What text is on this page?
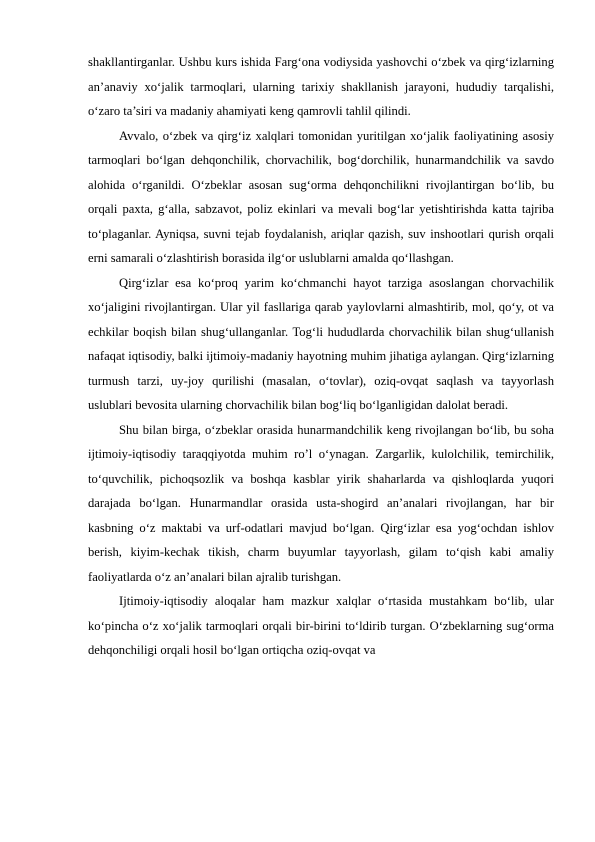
shakllantirganlar. Ushbu kurs ishida Farg‘ona vodiysida yashovchi o‘zbek va qirg‘izlarning an’anaviy xo‘jalik tarmoqlari, ularning tarixiy shakllanish jarayoni, hududiy tarqalishi, o‘zaro ta’siri va madaniy ahamiyati keng qamrovli tahlil qilindi.

Avvalo, o‘zbek va qirg‘iz xalqlari tomonidan yuritilgan xo‘jalik faoliyatining asosiy tarmoqlari bo‘lgan dehqonchilik, chorvachilik, bog‘dorchilik, hunarmandchilik va savdo alohida o‘rganildi. O‘zbeklar asosan sug‘orma dehqonchilikni rivojlantirgan bo‘lib, bu orqali paxta, g‘alla, sabzavot, poliz ekinlari va mevali bog‘lar yetishtirishda katta tajriba to‘plaganlar. Ayniqsa, suvni tejab foydalanish, ariqlar qazish, suv inshootlari qurish orqali erni samarali o‘zlashtirish borasida ilg‘or uslublarni amalda qo‘llashgan.

Qirg‘izlar esa ko‘proq yarim ko‘chmanchi hayot tarziga asoslangan chorvachilik xo‘jaligini rivojlantirgan. Ular yil fasllariga qarab yaylovlarni almashtirib, mol, qo‘y, ot va echkilar boqish bilan shug‘ullanganlar. Tog‘li hududlarda chorvachilik bilan shug‘ullanish nafaqat iqtisodiy, balki ijtimoiy-madaniy hayotning muhim jihatiga aylangan. Qirg‘izlarning turmush tarzi, uy-joy qurilishi (masalan, o‘tovlar), oziq-ovqat saqlash va tayyorlash uslublari bevosita ularning chorvachilik bilan bog‘liq bo‘lganligidan dalolat beradi.

Shu bilan birga, o‘zbeklar orasida hunarmandchilik keng rivojlangan bo‘lib, bu soha ijtimoiy-iqtisodiy taraqqiyotda muhim ro’l o‘ynagan. Zargarlik, kulolchilik, temirchilik, to‘quvchilik, pichoqsozlik va boshqa kasblar yirik shaharlarda va qishloqlarda yuqori darajada bo‘lgan. Hunarmandlar orasida usta-shogird an’analari rivojlangan, har bir kasbning o‘z maktabi va urf-odatlari mavjud bo‘lgan. Qirg‘izlar esa yog‘ochdan ishlov berish, kiyim-kechak tikish, charm buyumlar tayyorlash, gilam to‘qish kabi amaliy faoliyatlarda o‘z an’analari bilan ajralib turishgan.

Ijtimoiy-iqtisodiy aloqalar ham mazkur xalqlar o‘rtasida mustahkam bo‘lib, ular ko‘pincha o‘z xo‘jalik tarmoqlari orqali bir-birini to‘ldirib turgan. O‘zbeklarning sug‘orma dehqonchiligi orqali hosil bo‘lgan ortiqcha oziq-ovqat va
